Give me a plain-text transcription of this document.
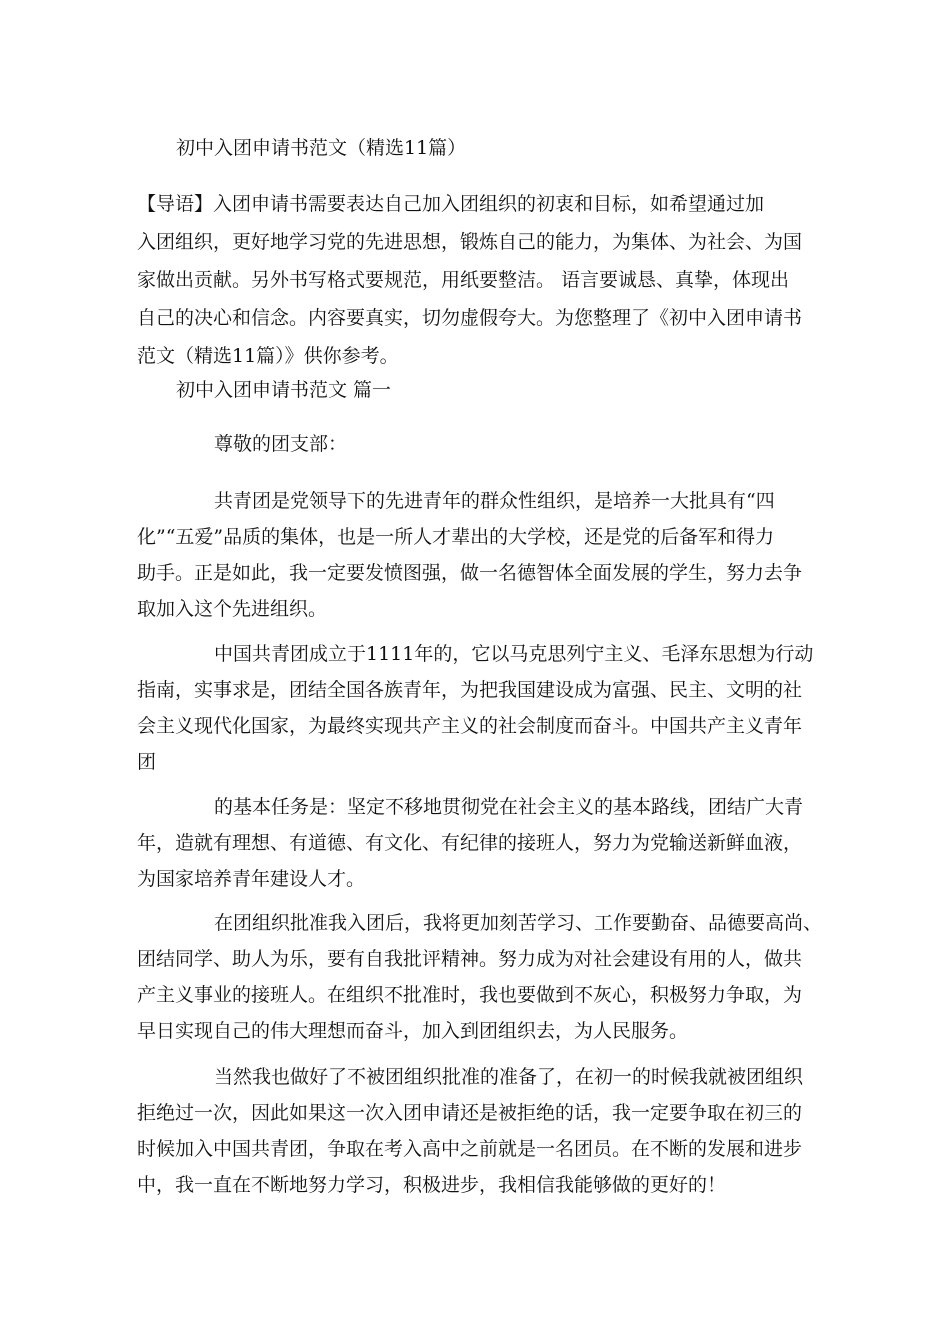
初中入团申请书范文（精选11篇）
【导语】入团申请书需要表达自己加入团组织的初衷和目标，如希望通过加
入团组织，更好地学习党的先进思想，锻炼自己的能力，为集体、为社会、为国
家做出贡献。另外书写格式要规范，用纸要整洁。 语言要诚恳、真挚，体现出
自己的决心和信念。内容要真实，切勿虚假夸大。为您整理了《初中入团申请书
范文（精选11篇）》供你参考。
初中入团申请书范文 篇一
尊敬的团支部：
共青团是党领导下的先进青年的群众性组织，是培养一大批具有“四
化”“五爱”品质的集体，也是一所人才辈出的大学校，还是党的后备军和得力
助手。正是如此，我一定要发愤图强，做一名德智体全面发展的学生，努力去争
取加入这个先进组织。
中国共青团成立于1111年的，它以马克思列宁主义、毛泽东思想为行动
指南，实事求是，团结全国各族青年，为把我国建设成为富强、民主、文明的社
会主义现代化国家，为最终实现共产主义的社会制度而奋斗。中国共产主义青年
团
的基本任务是：坚定不移地贯彻党在社会主义的基本路线，团结广大青
年，造就有理想、有道德、有文化、有纪律的接班人，努力为党输送新鲜血液，
为国家培养青年建设人才。
在团组织批准我入团后，我将更加刻苦学习、工作要勤奋、品德要高尚、
团结同学、助人为乐，要有自我批评精神。努力成为对社会建设有用的人，做共
产主义事业的接班人。在组织不批准时，我也要做到不灰心，积极努力争取，为
早日实现自己的伟大理想而奋斗，加入到团组织去，为人民服务。
当然我也做好了不被团组织批准的准备了，在初一的时候我就被团组织
拒绝过一次，因此如果这一次入团申请还是被拒绝的话，我一定要争取在初三的
时候加入中国共青团，争取在考入高中之前就是一名团员。在不断的发展和进步
中，我一直在不断地努力学习，积极进步，我相信我能够做的更好的！
